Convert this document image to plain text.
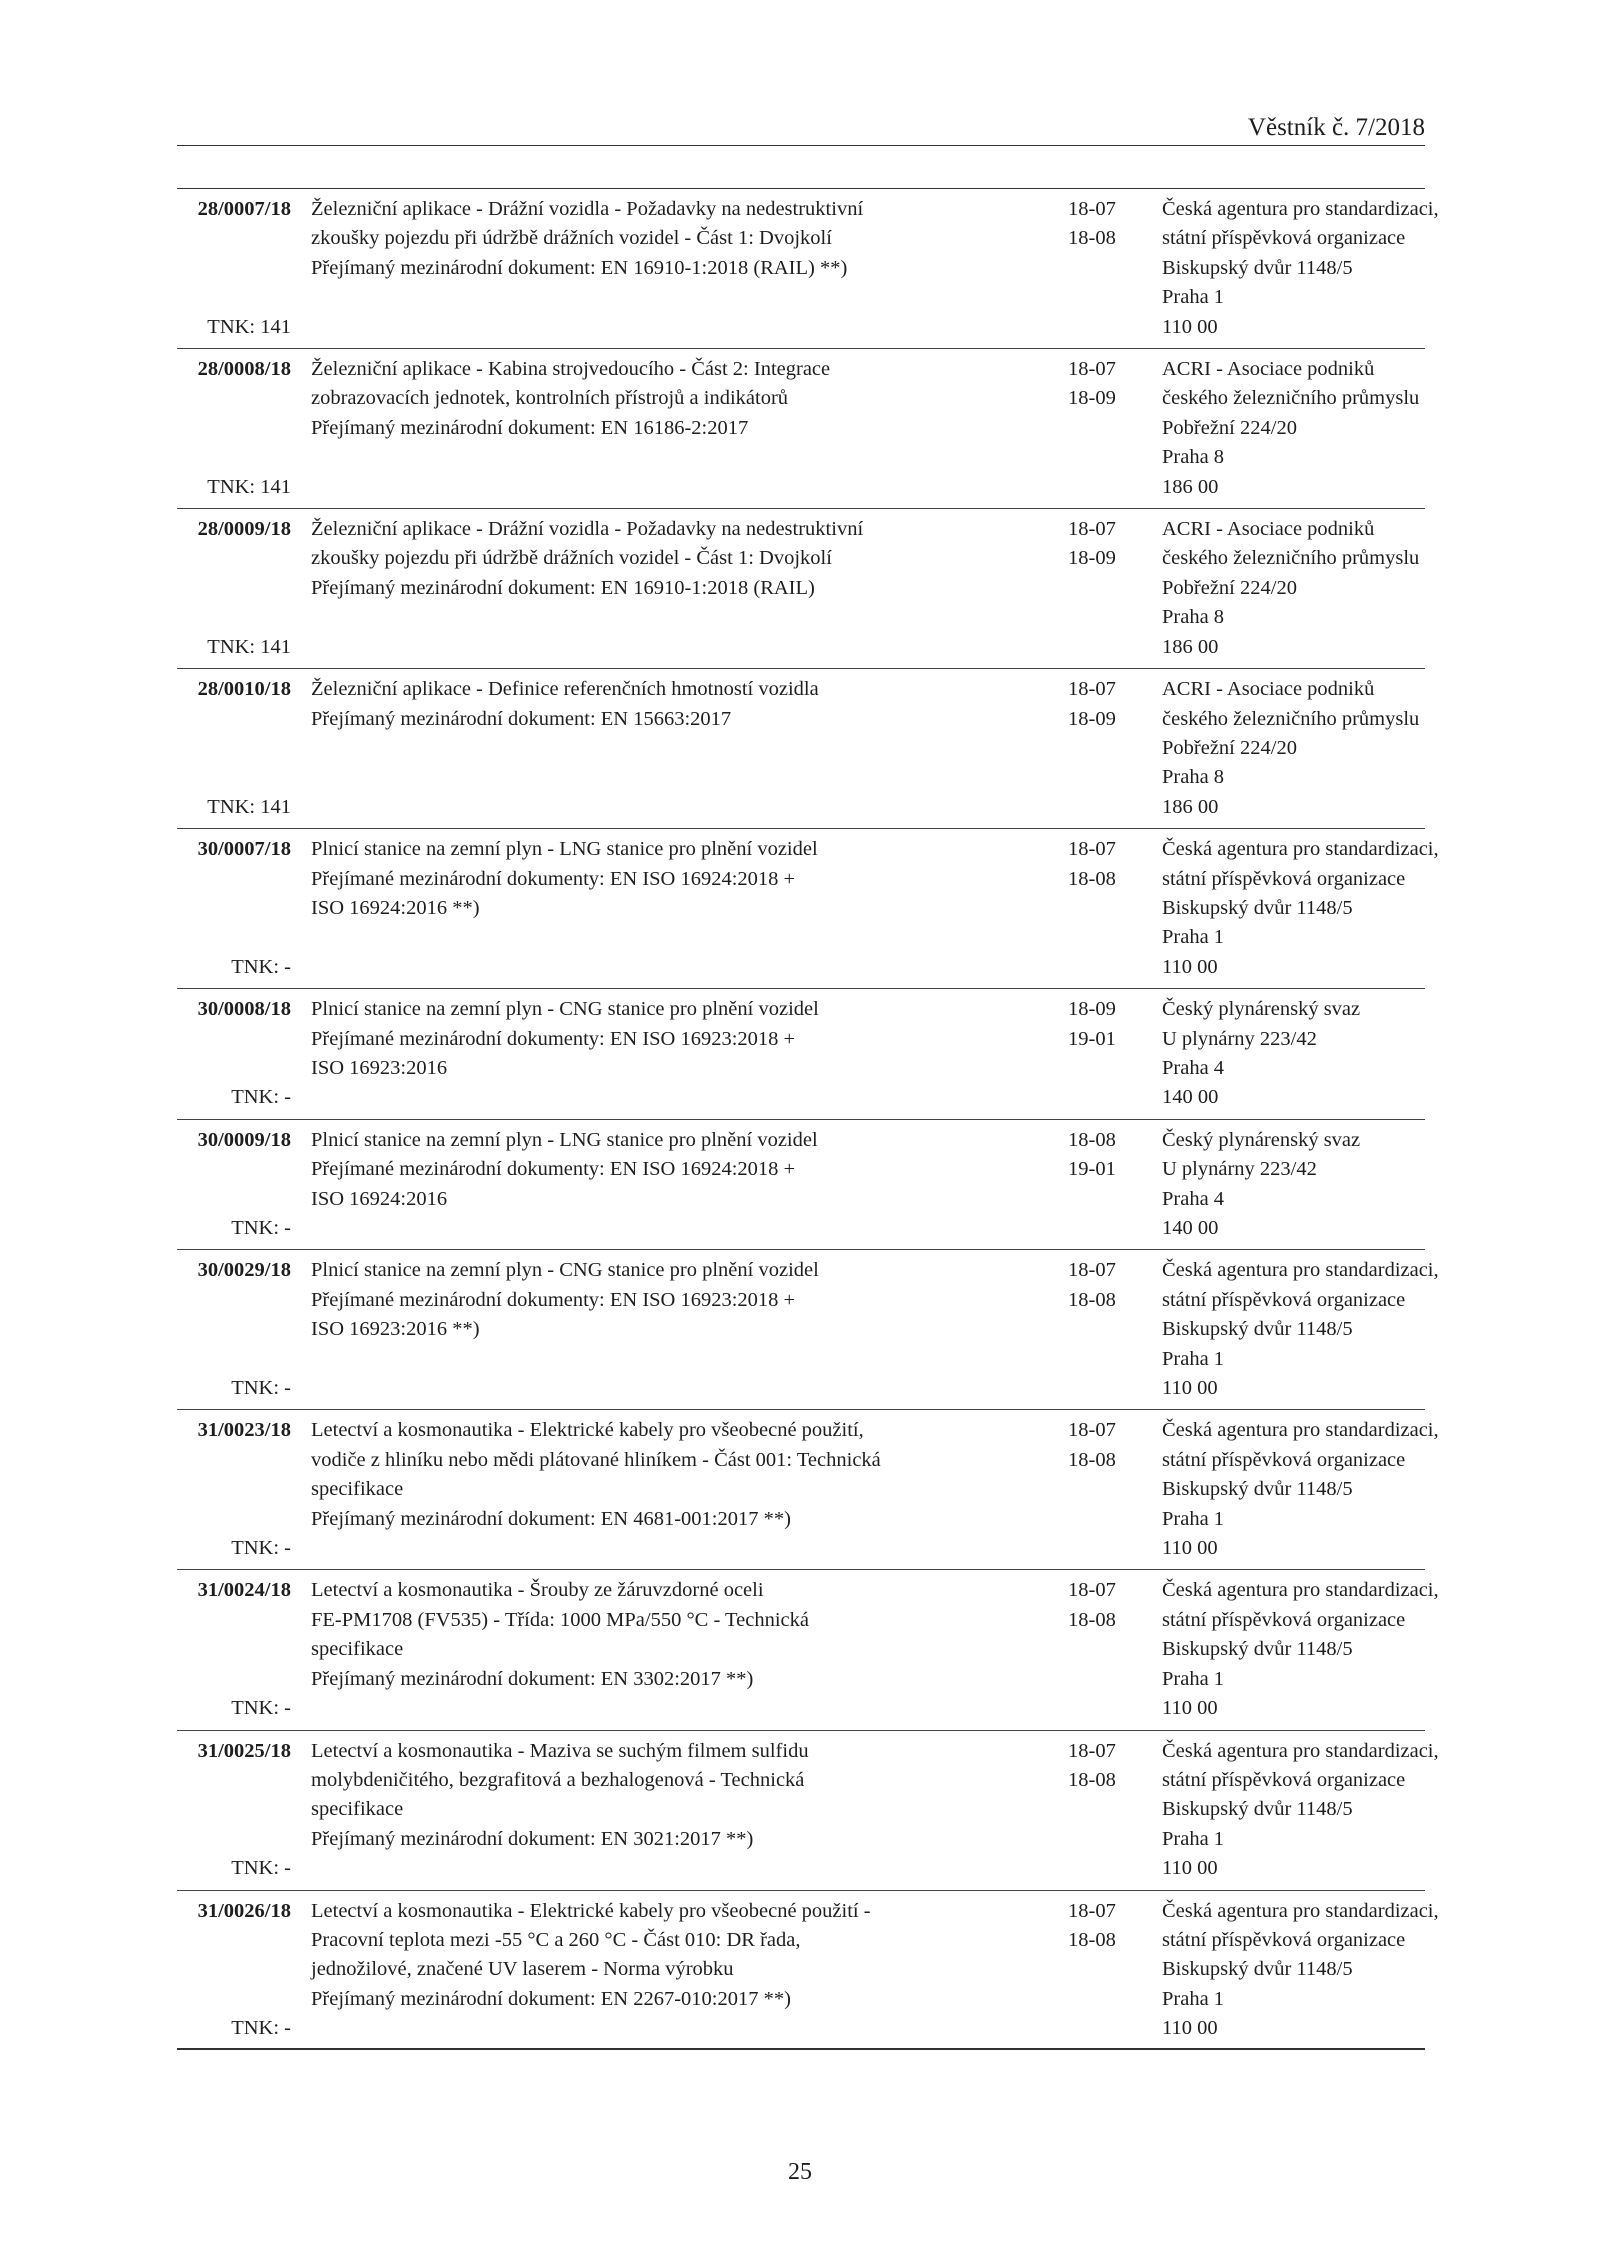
Věstník č. 7/2018
28/0007/18
TNK: 141
Železniční aplikace - Drážní vozidla - Požadavky na nedestruktivní
zkoušky pojezdu při údržbě drážních vozidel - Část 1: Dvojkolí
Přejímaný mezinárodní dokument: EN 16910-1:2018 (RAIL) **)
18-07
18-08
Česká agentura pro standardizaci,
státní příspěvková organizace
Biskupský dvůr 1148/5
Praha 1
110 00
28/0008/18
TNK: 141
Železniční aplikace - Kabina strojvedoucího - Část 2: Integrace
zobrazovacích jednotek, kontrolních přístrojů a indikátorů
Přejímaný mezinárodní dokument: EN 16186-2:2017
18-07
18-09
ACRI - Asociace podniků
českého železničního průmyslu
Pobřežní 224/20
Praha 8
186 00
28/0009/18
TNK: 141
Železniční aplikace - Drážní vozidla - Požadavky na nedestruktivní
zkoušky pojezdu při údržbě drážních vozidel - Část 1: Dvojkolí
Přejímaný mezinárodní dokument: EN 16910-1:2018 (RAIL)
18-07
18-09
ACRI - Asociace podniků
českého železničního průmyslu
Pobřežní 224/20
Praha 8
186 00
28/0010/18
TNK: 141
Železniční aplikace - Definice referenčních hmotností vozidla
Přejímaný mezinárodní dokument: EN 15663:2017
18-07
18-09
ACRI - Asociace podniků
českého železničního průmyslu
Pobřežní 224/20
Praha 8
186 00
30/0007/18
TNK: -
Plnicí stanice na zemní plyn - LNG stanice pro plnění vozidel
Přejímané mezinárodní dokumenty: EN ISO 16924:2018 +
ISO 16924:2016 **)
18-07
18-08
Česká agentura pro standardizaci,
státní příspěvková organizace
Biskupský dvůr 1148/5
Praha 1
110 00
30/0008/18
TNK: -
Plnicí stanice na zemní plyn - CNG stanice pro plnění vozidel
Přejímané mezinárodní dokumenty: EN ISO 16923:2018 +
ISO 16923:2016
18-09
19-01
Český plynárenský svaz
U plynárny 223/42
Praha 4
140 00
30/0009/18
TNK: -
Plnicí stanice na zemní plyn - LNG stanice pro plnění vozidel
Přejímané mezinárodní dokumenty: EN ISO 16924:2018 +
ISO 16924:2016
18-08
19-01
Český plynárenský svaz
U plynárny 223/42
Praha 4
140 00
30/0029/18
TNK: -
Plnicí stanice na zemní plyn - CNG stanice pro plnění vozidel
Přejímané mezinárodní dokumenty: EN ISO 16923:2018 +
ISO 16923:2016 **)
18-07
18-08
Česká agentura pro standardizaci,
státní příspěvková organizace
Biskupský dvůr 1148/5
Praha 1
110 00
31/0023/18
TNK: -
Letectví a kosmonautika - Elektrické kabely pro všeobecné použití,
vodiče z hliníku nebo mědi plátované hliníkem - Část 001: Technická
specifikace
Přejímaný mezinárodní dokument: EN 4681-001:2017 **)
18-07
18-08
Česká agentura pro standardizaci,
státní příspěvková organizace
Biskupský dvůr 1148/5
Praha 1
110 00
31/0024/18
TNK: -
Letectví a kosmonautika - Šrouby ze žáruvzdorné oceli
FE-PM1708 (FV535) - Třída: 1000 MPa/550 °C - Technická
specifikace
Přejímaný mezinárodní dokument: EN 3302:2017 **)
18-07
18-08
Česká agentura pro standardizaci,
státní příspěvková organizace
Biskupský dvůr 1148/5
Praha 1
110 00
31/0025/18
TNK: -
Letectví a kosmonautika - Maziva se suchým filmem sulfidu
molybdeničitého, bezgrafitová a bezhalogenová - Technická
specifikace
Přejímaný mezinárodní dokument: EN 3021:2017 **)
18-07
18-08
Česká agentura pro standardizaci,
státní příspěvková organizace
Biskupský dvůr 1148/5
Praha 1
110 00
31/0026/18
TNK: -
Letectví a kosmonautika - Elektrické kabely pro všeobecné použití -
Pracovní teplota mezi -55 °C a 260 °C - Část 010: DR řada,
jednožilové, značené UV laserem - Norma výrobku
Přejímaný mezinárodní dokument: EN 2267-010:2017 **)
18-07
18-08
Česká agentura pro standardizaci,
státní příspěvková organizace
Biskupský dvůr 1148/5
Praha 1
110 00
25
